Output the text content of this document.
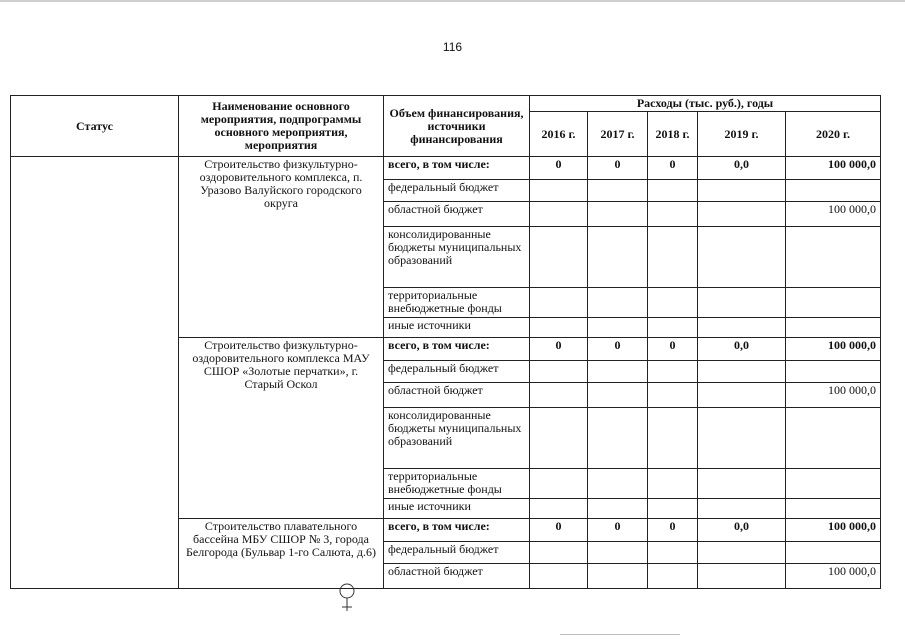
116
Статус	Наименование основного мероприятия, подпрограммы основного мероприятия, мероприятия	Объем финансирования, источники финансирования	Расходы (тыс. руб.), годы				
			2016 г.	2017 г.	2018 г.	2019 г.	2020 г.
	Строительство физкультурно-оздоровительного комплекса, п. Уразово Валуйского городского округа	всего, в том числе:	0	0	0	0,0	100 000,0
		федеральный бюджет					
		областной бюджет					100 000,0
		консолидированные бюджеты муниципальных образований					
		территориальные внебюджетные фонды					
		иные источники					
	Строительство физкультурно-оздоровительного комплекса МАУ СШОР «Золотые перчатки», г. Старый Оскол	всего, в том числе:	0	0	0	0,0	100 000,0
		федеральный бюджет					
		областной бюджет					100 000,0
		консолидированные бюджеты муниципальных образований					
		территориальные внебюджетные фонды					
		иные источники					
	Строительство плавательного бассейна МБУ СШОР № 3, города Белгорода (Бульвар 1-го Салюта, д.6)	всего, в том числе:	0	0	0	0,0	100 000,0
		федеральный бюджет					
		областной бюджет					100 000,0
